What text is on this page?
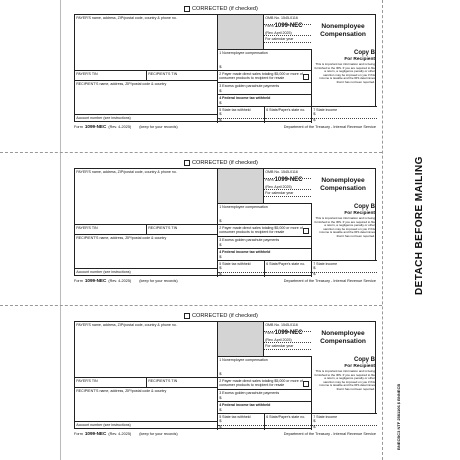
CORRECTED (if checked)
PAYER'S name, address, ZIP/postal code, country & phone no.	OMB No. 1545-0116
Form 1099-NEC
(Rev. April 2025)
For calendar year
Nonemployee
Compensation
PAYER'S TIN	RECIPIENT'S TIN
1 Nonemployee compensation
$
Copy B
For Recipient
This is important tax information and is being furnished to the IRS. If you are required to file a return, a negligence penalty or other sanction may be imposed on you if this income is taxable and the IRS determines that it has not been reported.
RECIPIENT'S name, address, ZIP/postal code & country
2 Payer made direct sales totaling $5,000 or more of
consumer products to recipient for resale
3 Excess golden parachute payments
$
4 Federal income tax withheld
$
5 State tax withheld
$
$
6 State/Payer's state no.	7 State income
$
$
Account number (see instructions)
Form 1099-NEC (Rev. 4-2025) (keep for your records)	Department of the Treasury - Internal Revenue Service
CORRECTED (if checked)
PAYER'S name, address, ZIP/postal code, country & phone no.	OMB No. 1545-0116
Form 1099-NEC
(Rev. April 2025)
For calendar year
Nonemployee
Compensation
PAYER'S TIN	RECIPIENT'S TIN
1 Nonemployee compensation
$
Copy B
For Recipient
This is important tax information and is being furnished to the IRS. If you are required to file a return, a negligence penalty or other sanction may be imposed on you if this income is taxable and the IRS determines that it has not been reported.
RECIPIENT'S name, address, ZIP/postal code & country
2 Payer made direct sales totaling $5,000 or more of
consumer products to recipient for resale
3 Excess golden parachute payments
$
4 Federal income tax withheld
$
5 State tax withheld
$
$
6 State/Payer's state no.	7 State income
$
$
Account number (see instructions)
Form 1099-NEC (Rev. 4-2025) (keep for your records)	Department of the Treasury - Internal Revenue Service
CORRECTED (if checked)
PAYER'S name, address, ZIP/postal code, country & phone no.	OMB No. 1545-0116
Form 1099-NEC
(Rev. April 2025)
For calendar year
Nonemployee
Compensation
PAYER'S TIN	RECIPIENT'S TIN
1 Nonemployee compensation
$
Copy B
For Recipient
This is important tax information and is being furnished to the IRS. If you are required to file a return, a negligence penalty or other sanction may be imposed on you if this income is taxable and the IRS determines that it has not been reported.
RECIPIENT'S name, address, ZIP/postal code & country
2 Payer made direct sales totaling $5,000 or more of
consumer products to recipient for resale
3 Excess golden parachute payments
$
4 Federal income tax withheld
$
5 State tax withheld
$
$
6 State/Payer's state no.	7 State income
$
$
Account number (see instructions)
Form 1099-NEC (Rev. 4-2025) (keep for your records)	Department of the Treasury - Internal Revenue Service
DETACH BEFORE MAILING
BNECBC3 NTF 2581106 $ BNNECB
